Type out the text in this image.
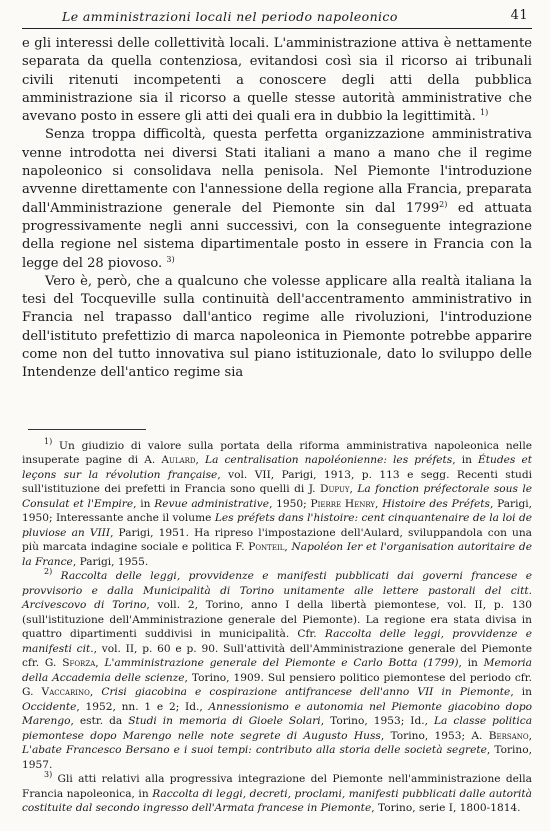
Le amministrazioni locali nel periodo napoleonico	41

e gli interessi delle collettività locali. L'amministrazione attiva è nettamente separata da quella contenziosa, evitandosi così sia il ricorso ai tribunali civili ritenuti incompetenti a conoscere degli atti della pubblica amministrazione sia il ricorso a quelle stesse autorità amministrative che avevano posto in essere gli atti dei quali era in dubbio la legittimità. $^{1)}$

Senza troppa difficoltà, questa perfetta organizzazione amministrativa venne introdotta nei diversi Stati italiani a mano a mano che il regime napoleonico si consolidava nella penisola. Nel Piemonte l'introduzione avvenne direttamente con l'annessione della regione alla Francia, preparata dall'Amministrazione generale del Piemonte sin dal 1799$^{2)}$ ed attuata progressivamente negli anni successivi, con la conseguente integrazione della regione nel sistema dipartimentale posto in essere in Francia con la legge del 28 piovoso. $^{3)}$

Vero è, però, che a qualcuno che volesse applicare alla realtà italiana la tesi del Tocqueville sulla continuità dell'accentramento amministrativo in Francia nel trapasso dall'antico regime alle rivoluzioni, l'introduzione dell'istituto prefettizio di marca napoleonica in Piemonte potrebbe apparire come non del tutto innovativa sul piano istituzionale, dato lo sviluppo delle Intendenze dell'antico regime sia

$^{1)}$ Un giudizio di valore sulla portata della riforma amministrativa napoleonica nelle insuperate pagine di A. Aulard, La centralisation napoléonienne: les préfets, in Études et leçons sur la révolution française, vol. VII, Parigi, 1913, p. 113 e segg. Recenti studi sull'istituzione dei prefetti in Francia sono quelli di J. Dupuy, La fonction préfectorale sous le Consulat et l'Empire, in Revue administrative, 1950; Pierre Henry, Histoire des Préfets, Parigi, 1950; Interessante anche il volume Les préfets dans l'histoire: cent cinquantenaire de la loi de pluviose an VIII, Parigi, 1951. Ha ripreso l'impostazione dell'Aulard, sviluppandola con una più marcata indagine sociale e politica F. Ponteil, Napoléon Ier et l'organisation autoritaire de la France, Parigi, 1955.

$^{2)}$ Raccolta delle leggi, provvidenze e manifesti pubblicati dai governi francese e provvisorio e dalla Municipalità di Torino unitamente alle lettere pastorali del citt. Arcivescovo di Torino, voll. 2, Torino, anno I della libertà piemontese, vol. II, p. 130 (sull'istituzione dell'Amministrazione generale del Piemonte). La regione era stata divisa in quattro dipartimenti suddivisi in municipalità. Cfr. Raccolta delle leggi, provvidenze e manifesti cit., vol. II, p. 60 e p. 90. Sull'attività dell'Amministrazione generale del Piemonte cfr. G. Sforza, L'amministrazione generale del Piemonte e Carlo Botta (1799), in Memoria della Accademia delle scienze, Torino, 1909. Sul pensiero politico piemontese del periodo cfr. G. Vaccarino, Crisi giacobina e cospirazione antifrancese dell'anno VII in Piemonte, in Occidente, 1952, nn. 1 e 2; Id., Annessionismo e autonomia nel Piemonte giacobino dopo Marengo, estr. da Studi in memoria di Gioele Solari, Torino, 1953; Id., La classe politica piemontese dopo Marengo nelle note segrete di Augusto Huss, Torino, 1953; A. Bersano, L'abate Francesco Bersano e i suoi tempi: contributo alla storia delle società segrete, Torino, 1957.

$^{3)}$ Gli atti relativi alla progressiva integrazione del Piemonte nell'amministrazione della Francia napoleonica, in Raccolta di leggi, decreti, proclami, manifesti pubblicati dalle autorità costituite dal secondo ingresso dell'Armata francese in Piemonte, Torino, serie I, 1800-1814.
